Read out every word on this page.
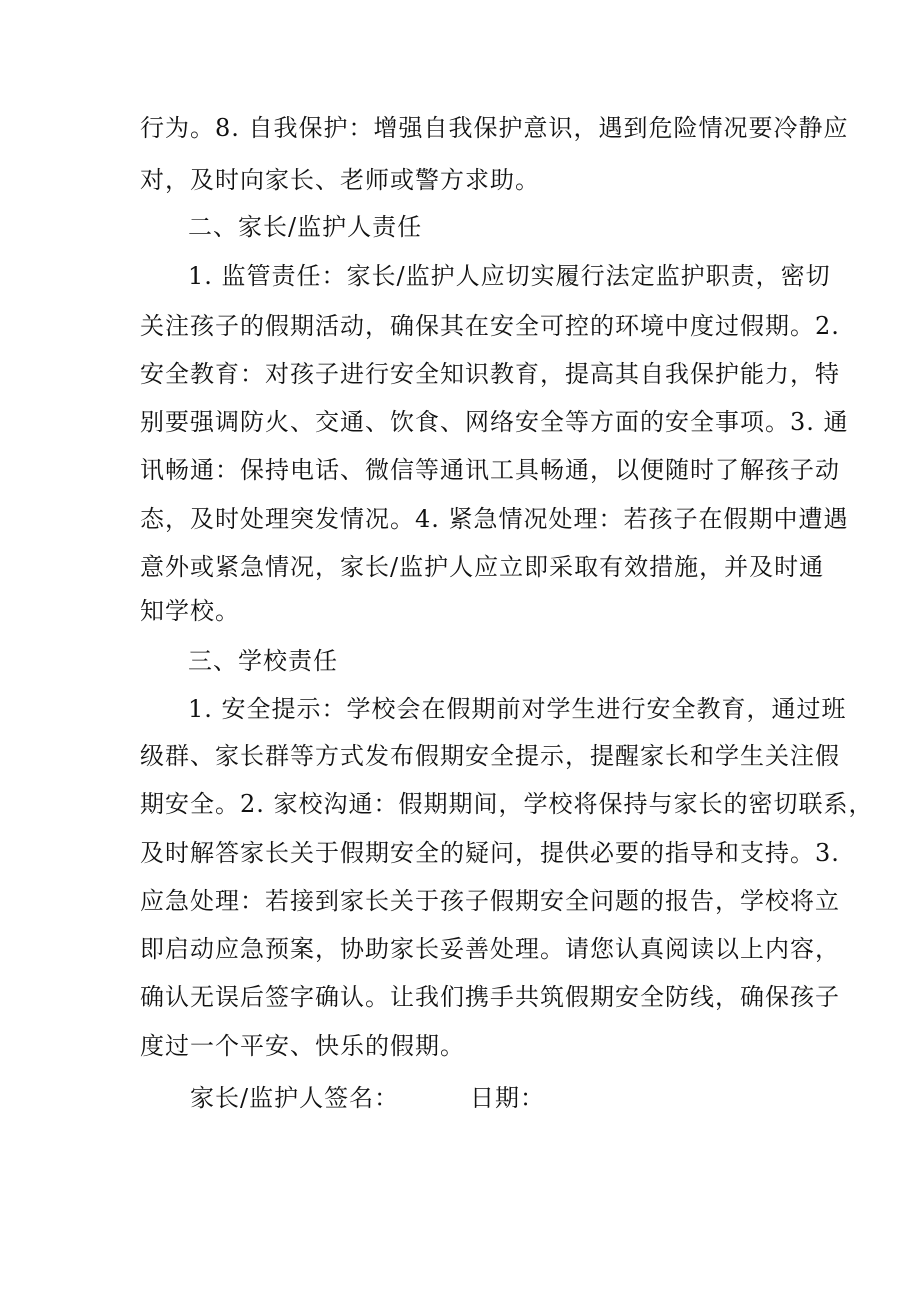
行为。8. 自我保护：增强自我保护意识，遇到危险情况要冷静应
对，及时向家长、老师或警方求助。
二、家长/监护人责任
1. 监管责任：家长/监护人应切实履行法定监护职责，密切
关注孩子的假期活动，确保其在安全可控的环境中度过假期。2.
安全教育：对孩子进行安全知识教育，提高其自我保护能力，特
别要强调防火、交通、饮食、网络安全等方面的安全事项。3. 通
讯畅通：保持电话、微信等通讯工具畅通，以便随时了解孩子动
态，及时处理突发情况。4. 紧急情况处理：若孩子在假期中遭遇
意外或紧急情况，家长/监护人应立即采取有效措施，并及时通
知学校。
三、学校责任
1. 安全提示：学校会在假期前对学生进行安全教育，通过班
级群、家长群等方式发布假期安全提示，提醒家长和学生关注假
期安全。2. 家校沟通：假期期间，学校将保持与家长的密切联系，
及时解答家长关于假期安全的疑问，提供必要的指导和支持。3.
应急处理：若接到家长关于孩子假期安全问题的报告，学校将立
即启动应急预案，协助家长妥善处理。请您认真阅读以上内容，
确认无误后签字确认。让我们携手共筑假期安全防线，确保孩子
度过一个平安、快乐的假期。
家长/监护人签名：	日期：
